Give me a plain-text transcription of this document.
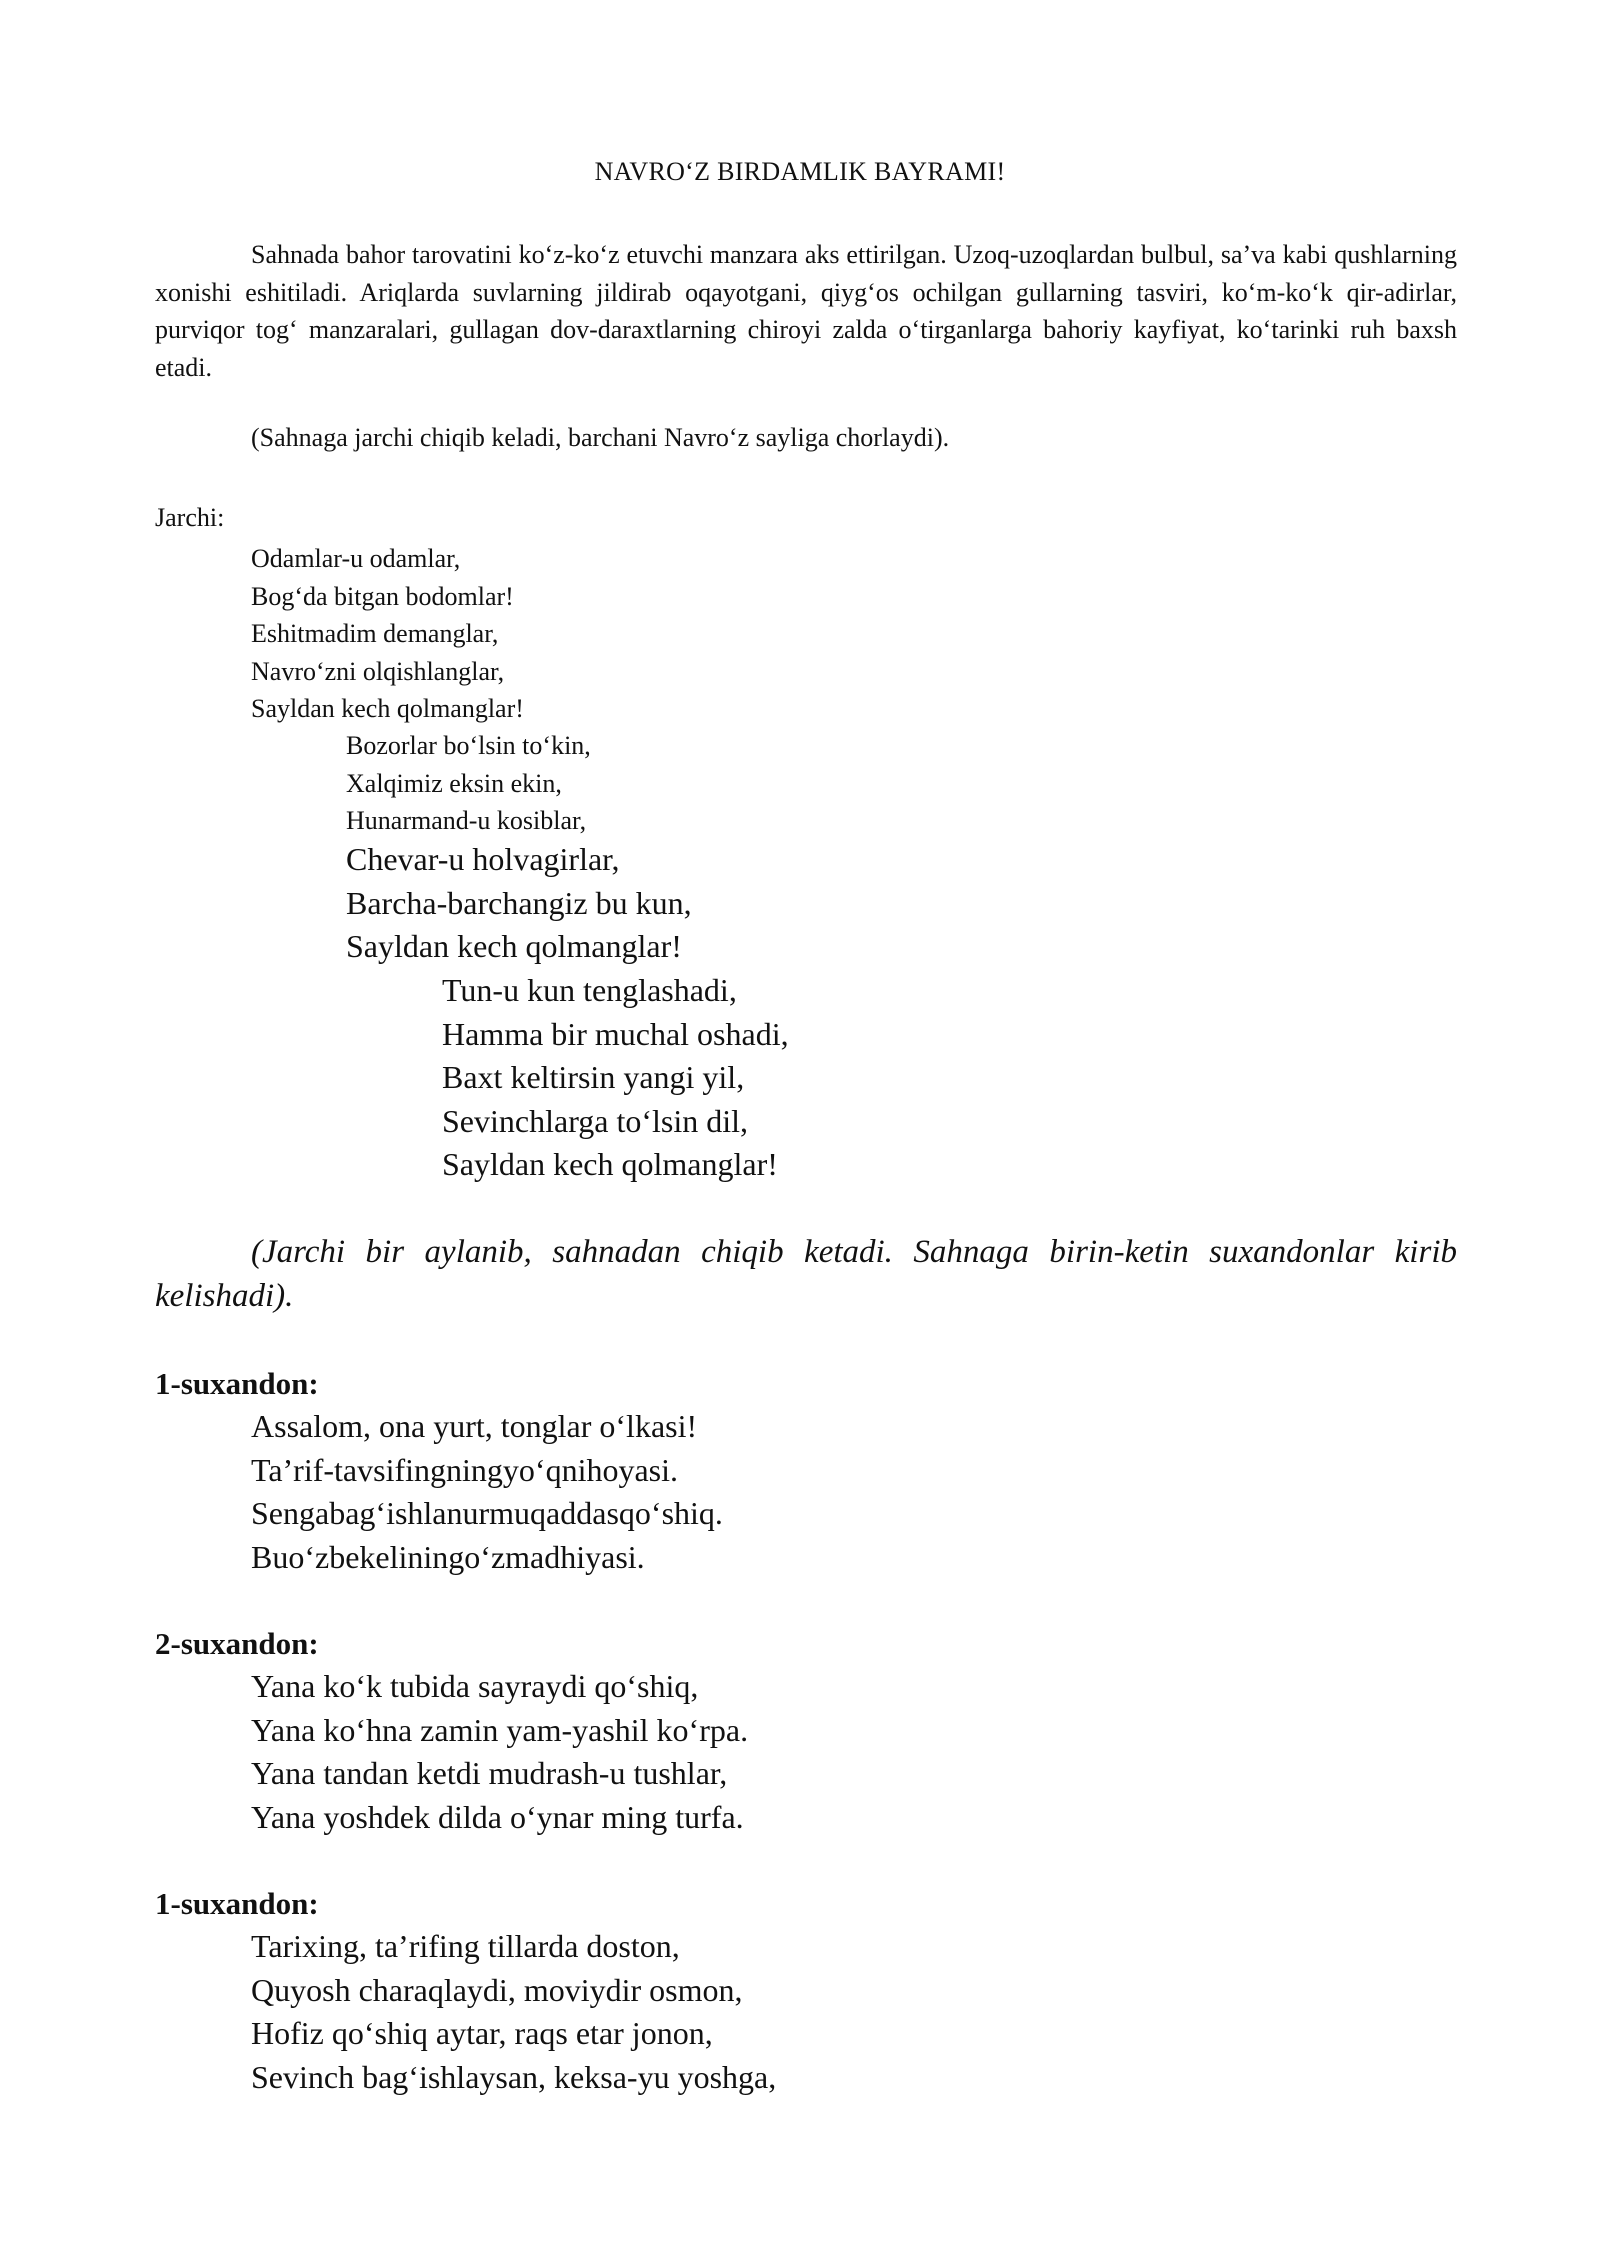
NAVRO‘Z BIRDAMLIK BAYRAMI!

Sahnada bahor tarovatini ko‘z-ko‘z etuvchi manzara aks ettirilgan. Uzoq-uzoqlardan bulbul, sa’va kabi qushlarning xonishi eshitiladi. Ariqlarda suvlarning jildirab oqayotgani, qiyg‘os ochilgan gullarning tasviri, ko‘m-ko‘k qir-adirlar, purviqor tog‘ manzaralari, gullagan dov-daraxtlarning chiroyi zalda o‘tirganlarga bahoriy kayfiyat, ko‘tarinki ruh baxsh etadi.

(Sahnaga jarchi chiqib keladi, barchani Navro‘z sayliga chorlaydi).

Jarchi:
Odamlar-u odamlar,
Bog‘da bitgan bodomlar!
Eshitmadim demanglar,
Navro‘zni olqishlanglar,
Sayldan kech qolmanglar!
Bozorlar bo‘lsin to‘kin,
Xalqimiz eksin ekin,
Hunarmand-u kosiblar,
Chevar-u holvagirlar,
Barcha-barchangiz bu kun,
Sayldan kech qolmanglar!
Tun-u kun tenglashadi,
Hamma bir muchal oshadi,
Baxt keltirsin yangi yil,
Sevinchlarga to‘lsin dil,
Sayldan kech qolmanglar!

(Jarchi bir aylanib, sahnadan chiqib ketadi. Sahnaga birin-ketin suxandonlar kirib kelishadi).

1-suxandon:
Assalom, ona yurt, tonglar o‘lkasi!
Ta’rif-tavsifingningyo‘qnihoyasi.
Sengabag‘ishlanurmuqaddasqo‘shiq.
Buo‘zbekeliningo‘zmadhiyasi.
2-suxandon:
Yana ko‘k tubida sayraydi qo‘shiq,
Yana ko‘hna zamin yam-yashil ko‘rpa.
Yana tandan ketdi mudrash-u tushlar,
Yana yoshdek dilda o‘ynar ming turfa.
1-suxandon:
Tarixing, ta’rifing tillarda doston,
Quyosh charaqlaydi, moviydir osmon,
Hofiz qo‘shiq aytar, raqs etar jonon,
Sevinch bag‘ishlaysan, keksa-yu yoshga,
